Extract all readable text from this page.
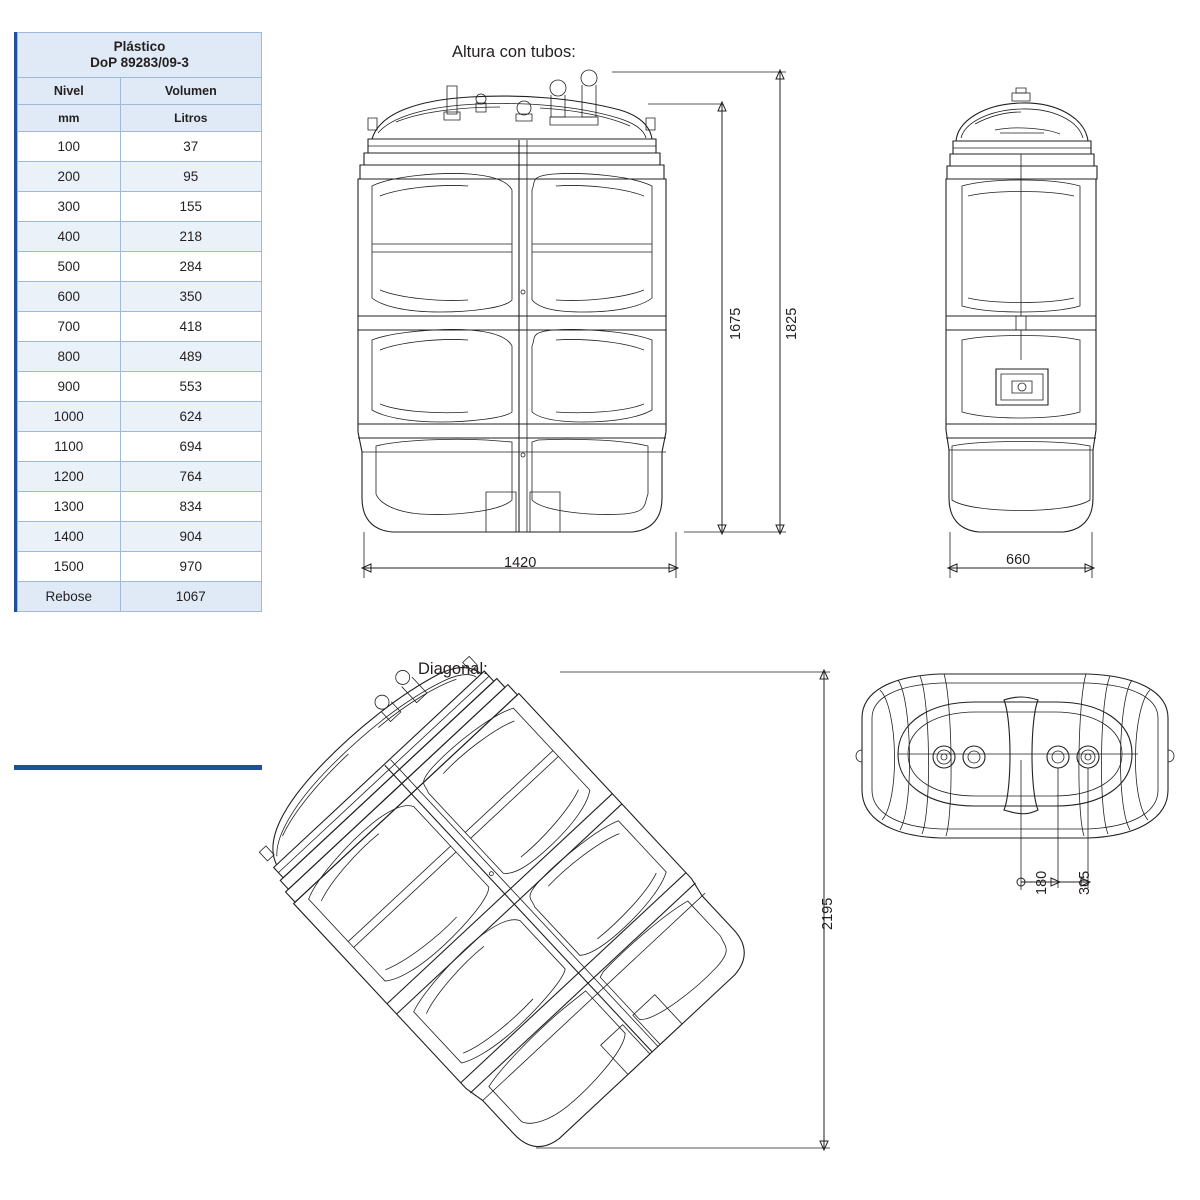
Plástico
DoP 89283/09-3	
Nivel	Volumen
mm	Litros
100	37
200	95
300	155
400	218
500	284
600	350
700	418
800	489
900	553
1000	624
1100	694
1200	764
1300	834
1400	904
1500	970
Rebose	1067
Altura con tubos:
Diagonal:
1675	1825
1420	660
2195
180 305
